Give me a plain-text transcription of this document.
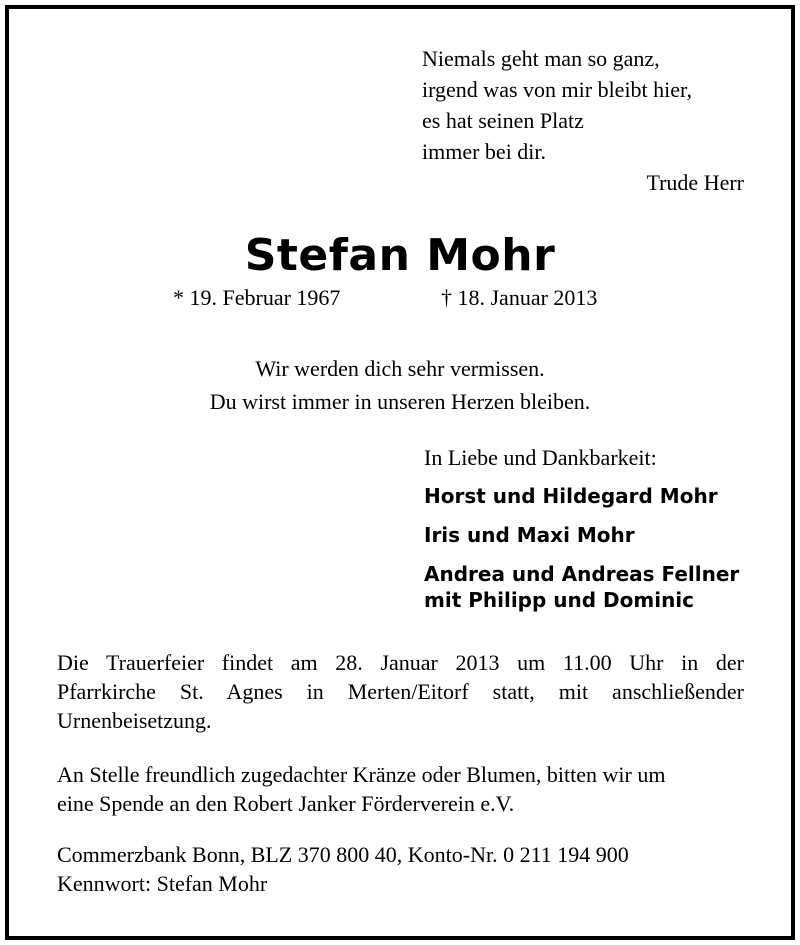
Niemals geht man so ganz,
irgend was von mir bleibt hier,
es hat seinen Platz
immer bei dir.
Trude Herr
Stefan Mohr
* 19. Februar 1967	† 18. Januar 2013
Wir werden dich sehr vermissen.
Du wirst immer in unseren Herzen bleiben.
In Liebe und Dankbarkeit:
Horst und Hildegard Mohr
Iris und Maxi Mohr
Andrea und Andreas Fellner
mit Philipp und Dominic
Die Trauerfeier findet am 28. Januar 2013 um 11.00 Uhr in der
Pfarrkirche St. Agnes in Merten/Eitorf statt, mit anschließender
Urnenbeisetzung.
An Stelle freundlich zugedachter Kränze oder Blumen, bitten wir um
eine Spende an den Robert Janker Förderverein e.V.
Commerzbank Bonn, BLZ 370 800 40, Konto-Nr. 0 211 194 900
Kennwort: Stefan Mohr
